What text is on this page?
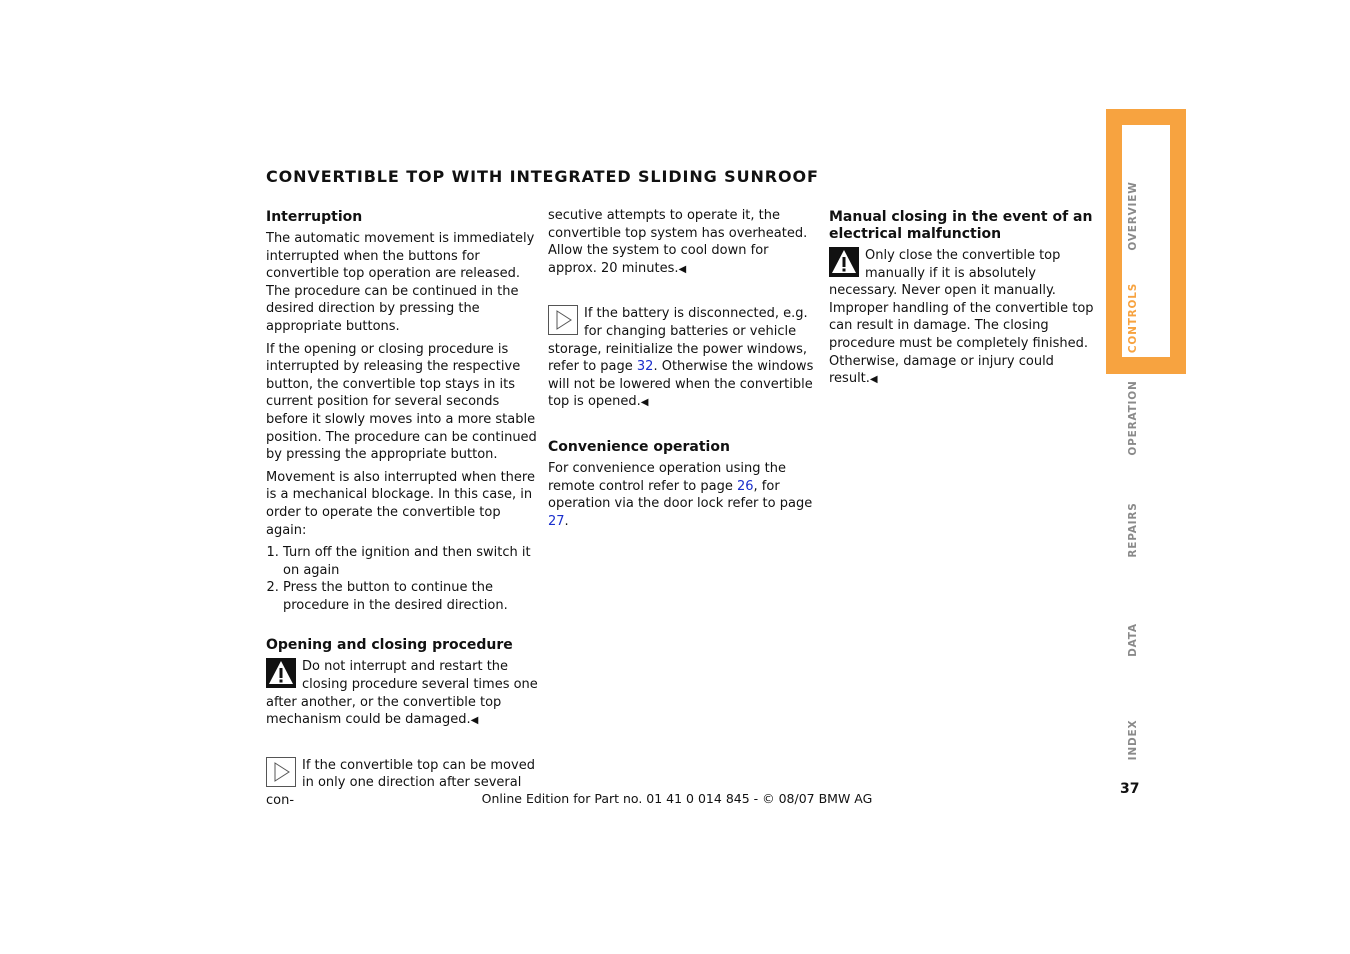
CONVERTIBLE TOP WITH INTEGRATED SLIDING SUNROOF
Interruption

The automatic movement is immediately interrupted when the buttons for convertible top operation are released. The procedure can be continued in the desired direction by pressing the appropriate buttons.

If the opening or closing procedure is interrupted by releasing the respective button, the convertible top stays in its current position for several seconds before it slowly moves into a more stable position. The procedure can be continued by pressing the appropriate button.

Movement is also interrupted when there is a mechanical blockage. In this case, in order to operate the convertible top again:

1. Turn off the ignition and then switch it on again
2. Press the button to continue the procedure in the desired direction.
Opening and closing procedure

Do not interrupt and restart the closing procedure several times one after another, or the convertible top mechanism could be damaged.◀

If the convertible top can be moved in only one direction after several con-

secutive attempts to operate it, the convertible top system has overheated. Allow the system to cool down for approx. 20 minutes.◀

If the battery is disconnected, e.g. for changing batteries or vehicle storage, reinitialize the power windows, refer to page 32. Otherwise the windows will not be lowered when the convertible top is opened.◀

Convenience operation

For convenience operation using the remote control refer to page 26, for operation via the door lock refer to page 27.

Manual closing in the event of an electrical malfunction

Only close the convertible top manually if it is absolutely necessary. Never open it manually. Improper handling of the convertible top can result in damage. The closing procedure must be completely finished. Otherwise, damage or injury could result.◀

OVERVIEW
CONTROLS
OPERATION
REPAIRS
DATA
INDEX
37
Online Edition for Part no. 01 41 0 014 845 - © 08/07 BMW AG
